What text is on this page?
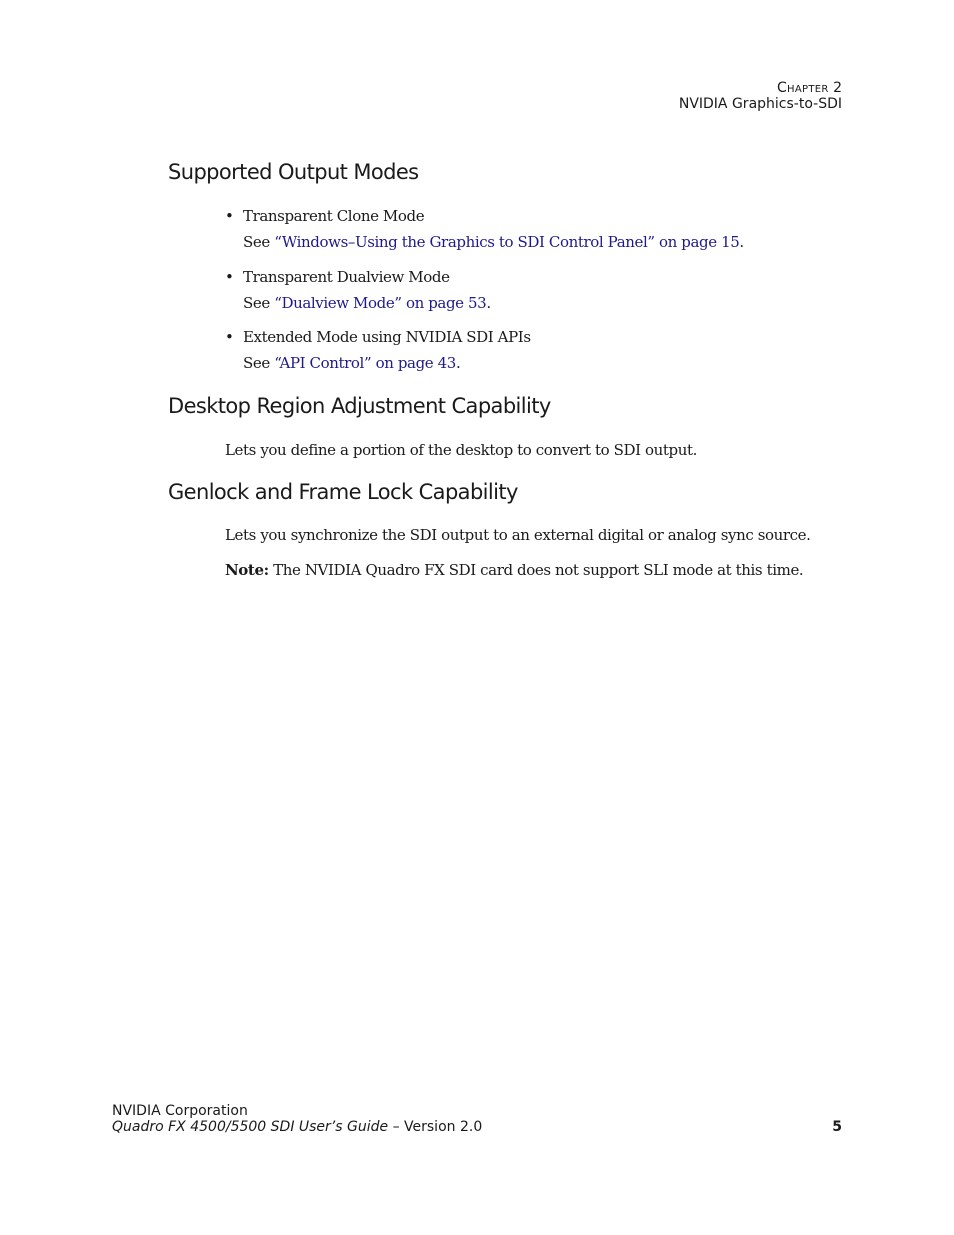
Chapter 2
NVIDIA Graphics-to-SDI
Supported Output Modes
• Transparent Clone Mode
See “Windows–Using the Graphics to SDI Control Panel” on page 15.
• Transparent Dualview Mode
See “Dualview Mode” on page 53.
• Extended Mode using NVIDIA SDI APIs
See “API Control” on page 43.
Desktop Region Adjustment Capability
Lets you define a portion of the desktop to convert to SDI output.
Genlock and Frame Lock Capability
Lets you synchronize the SDI output to an external digital or analog sync source.
Note: The NVIDIA Quadro FX SDI card does not support SLI mode at this time.
NVIDIA Corporation
Quadro FX 4500/5500 SDI User’s Guide – Version 2.0	5
